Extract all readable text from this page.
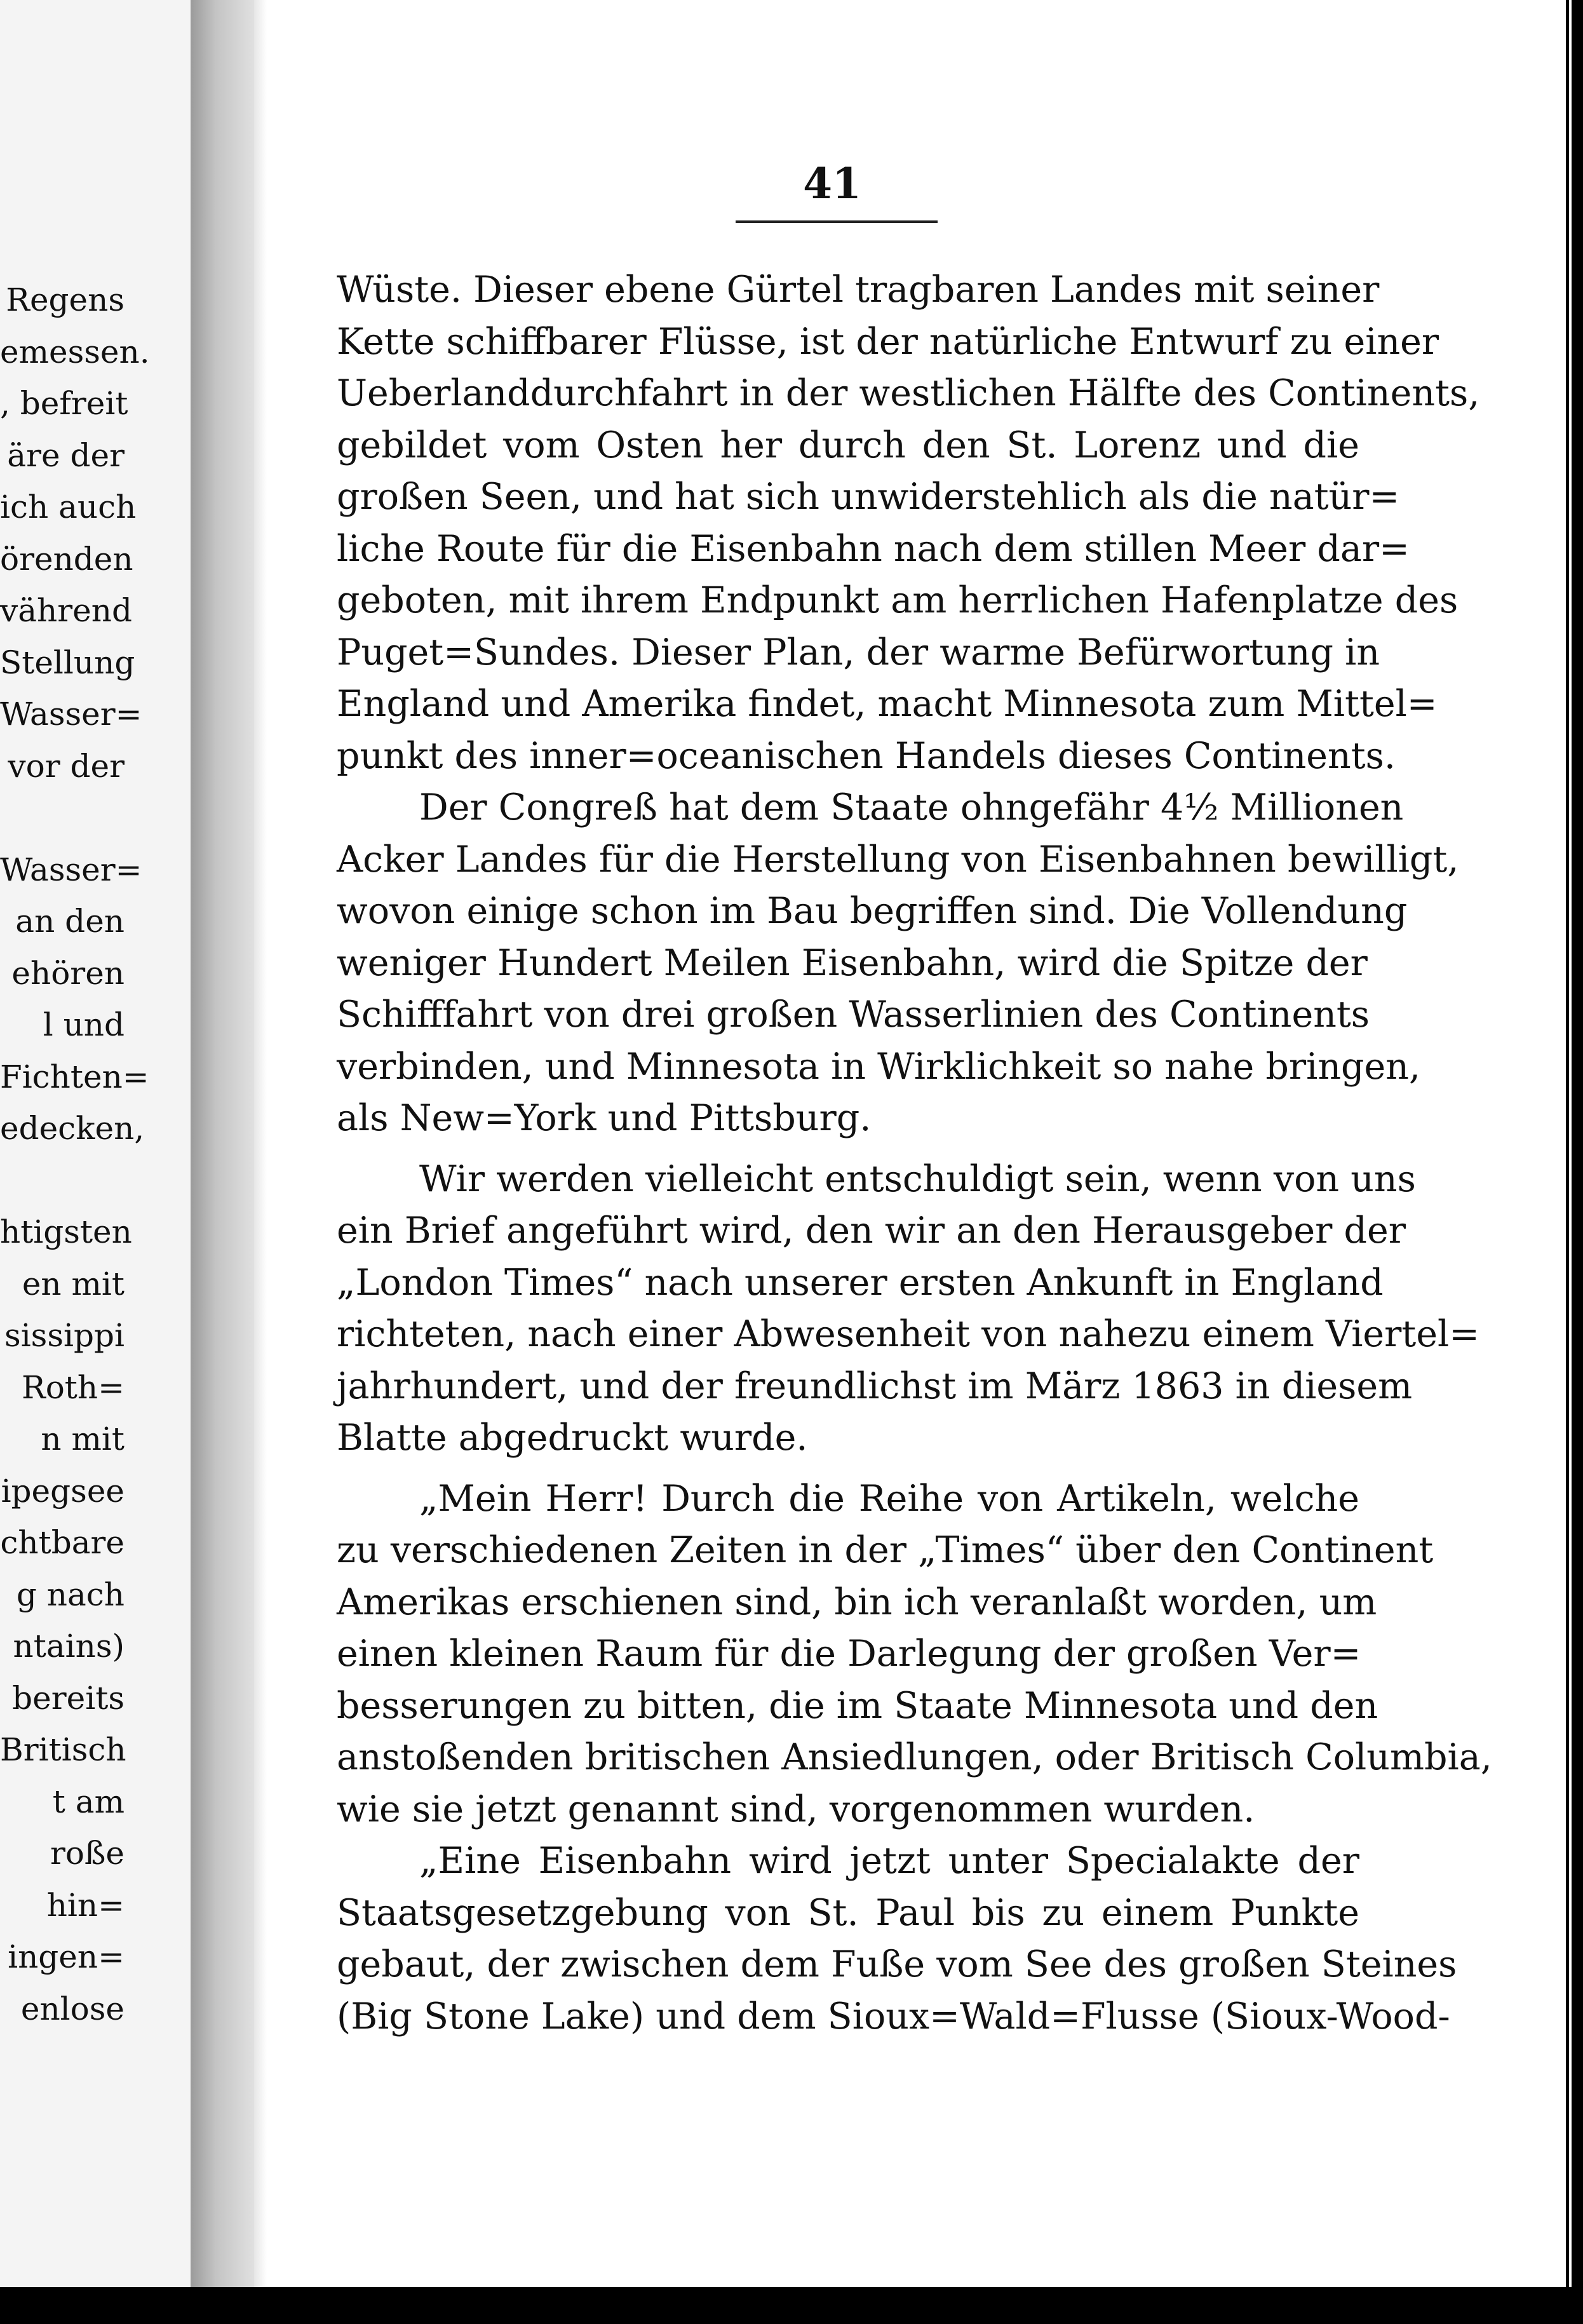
Regens
emessen.
, befreit
äre der
ich auch
örenden
vährend
Stellung
Wasser=
vor der
Wasser=
an den
ehören
l und
Fichten=
edecken,
htigsten
en mit
sissippi
Roth=
n mit
ipegsee
chtbare
g nach
ntains)
bereits
Britisch
t am
roße
hin=
ingen=
enlose
41
Wüste. Dieser ebene Gürtel tragbaren Landes mit seiner
Kette schiffbarer Flüsse, ist der natürliche Entwurf zu einer
Ueberlanddurchfahrt in der westlichen Hälfte des Continents,
gebildet vom Osten her durch den St. Lorenz und die
großen Seen, und hat sich unwiderstehlich als die natür=
liche Route für die Eisenbahn nach dem stillen Meer dar=
geboten, mit ihrem Endpunkt am herrlichen Hafenplatze des
Puget=Sundes. Dieser Plan, der warme Befürwortung in
England und Amerika findet, macht Minnesota zum Mittel=
punkt des inner=oceanischen Handels dieses Continents.
Der Congreß hat dem Staate ohngefähr 4½ Millionen
Acker Landes für die Herstellung von Eisenbahnen bewilligt,
wovon einige schon im Bau begriffen sind. Die Vollendung
weniger Hundert Meilen Eisenbahn, wird die Spitze der
Schifffahrt von drei großen Wasserlinien des Continents
verbinden, und Minnesota in Wirklichkeit so nahe bringen,
als New=York und Pittsburg.
Wir werden vielleicht entschuldigt sein, wenn von uns
ein Brief angeführt wird, den wir an den Herausgeber der
„London Times“ nach unserer ersten Ankunft in England
richteten, nach einer Abwesenheit von nahezu einem Viertel=
jahrhundert, und der freundlichst im März 1863 in diesem
Blatte abgedruckt wurde.
„Mein Herr! Durch die Reihe von Artikeln, welche
zu verschiedenen Zeiten in der „Times“ über den Continent
Amerikas erschienen sind, bin ich veranlaßt worden, um
einen kleinen Raum für die Darlegung der großen Ver=
besserungen zu bitten, die im Staate Minnesota und den
anstoßenden britischen Ansiedlungen, oder Britisch Columbia,
wie sie jetzt genannt sind, vorgenommen wurden.
„Eine Eisenbahn wird jetzt unter Specialakte der
Staatsgesetzgebung von St. Paul bis zu einem Punkte
gebaut, der zwischen dem Fuße vom See des großen Steines
(Big Stone Lake) und dem Sioux=Wald=Flusse (Sioux-Wood-
